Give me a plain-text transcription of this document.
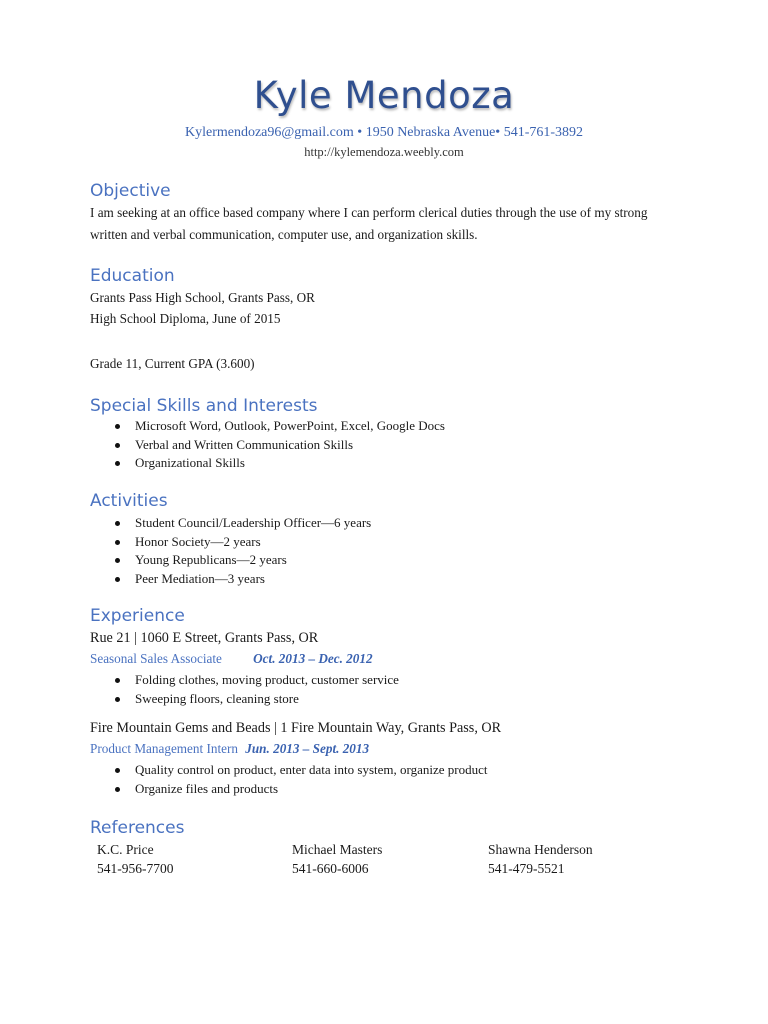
Kyle Mendoza
Kylermendoza96@gmail.com • 1950 Nebraska Avenue• 541-761-3892
http://kylemendoza.weebly.com
Objective

I am seeking at an office based company where I can perform clerical duties through the use of my strong written and verbal communication, computer use, and organization skills.

Education

Grants Pass High School, Grants Pass, OR

High School Diploma, June of 2015

Grade 11, Current GPA (3.600)

Special Skills and Interests
Microsoft Word, Outlook, PowerPoint, Excel, Google Docs
Verbal and Written Communication Skills
Organizational Skills
Activities
Student Council/Leadership Officer—6 years
Honor Society—2 years
Young Republicans—2 years
Peer Mediation—3 years
Experience
Rue 21 | 1060 E Street, Grants Pass, OR
Seasonal Sales Associate Oct. 2013 – Dec. 2012
Folding clothes, moving product, customer service
Sweeping floors, cleaning store
Fire Mountain Gems and Beads | 1 Fire Mountain Way, Grants Pass, OR
Product Management Intern Jun. 2013 – Sept. 2013
Quality control on product, enter data into system, organize product
Organize files and products
References
K.C. Price
541-956-7700
Michael Masters
541-660-6006
Shawna Henderson
541-479-5521
